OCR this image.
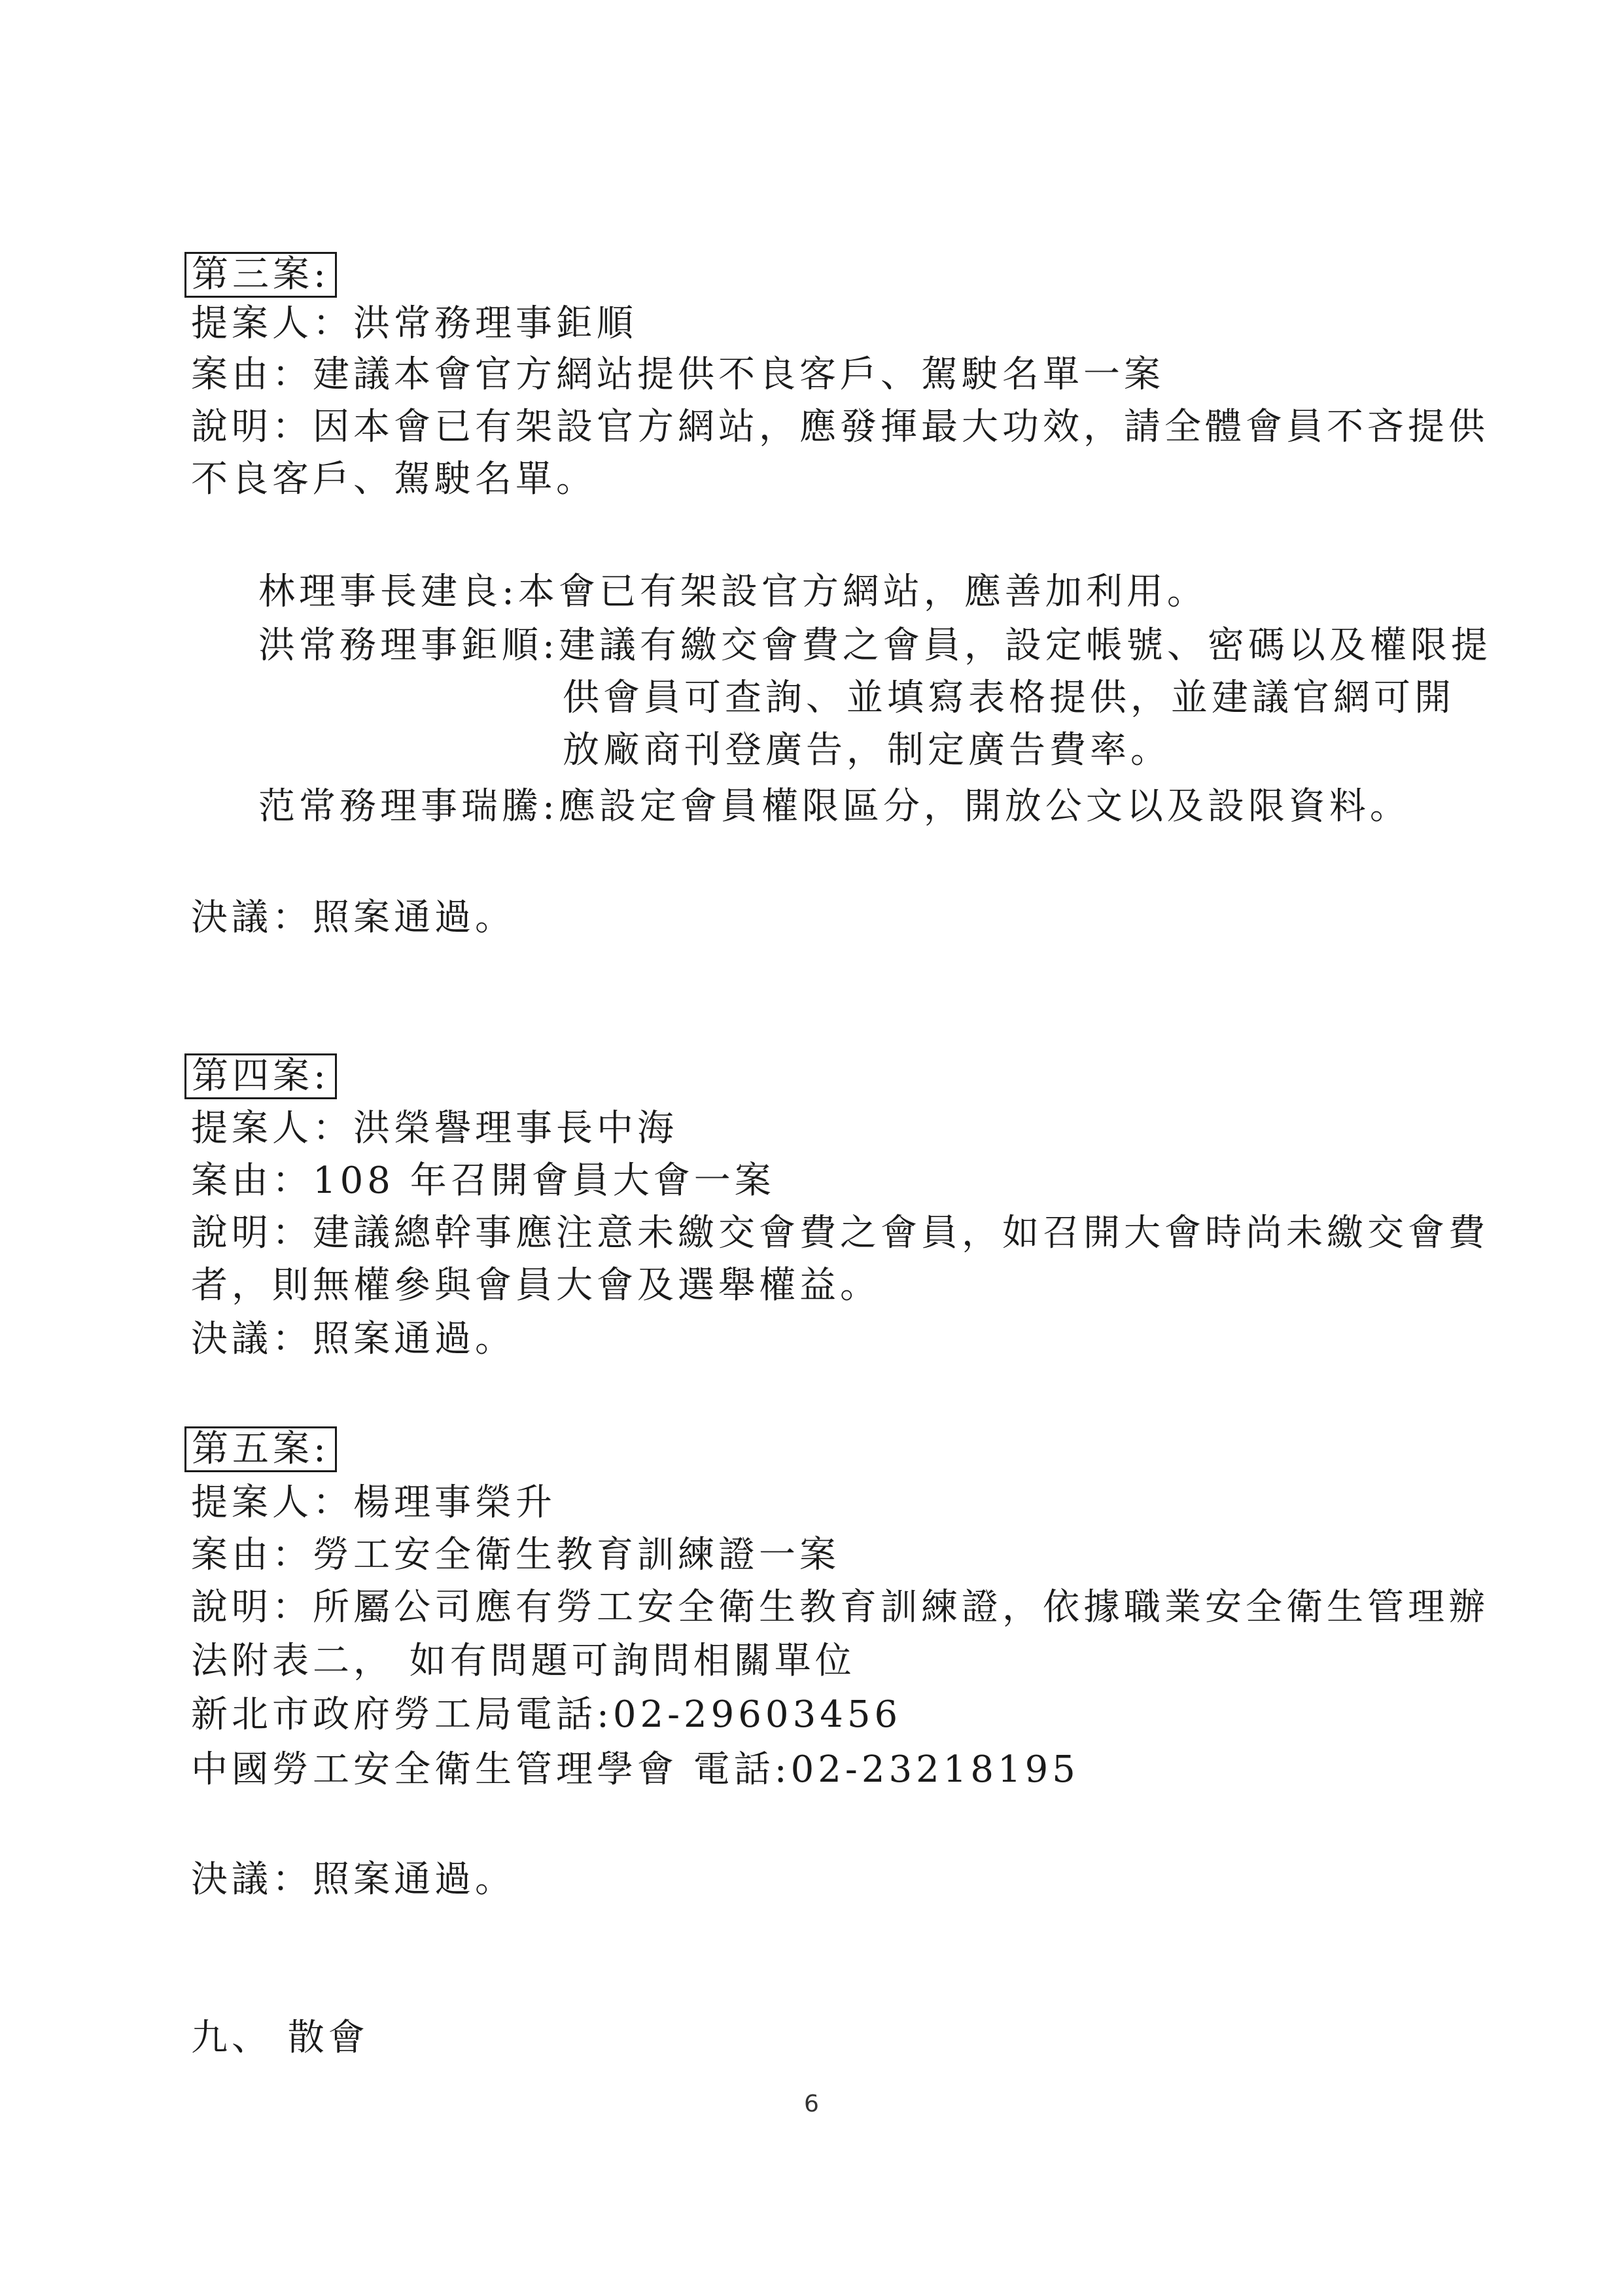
第三案:
提案人：洪常務理事鉅順
案由：建議本會官方網站提供不良客戶、駕駛名單一案
說明：因本會已有架設官方網站，應發揮最大功效，請全體會員不吝提供
不良客戶、駕駛名單。
林理事長建良:本會已有架設官方網站，應善加利用。
洪常務理事鉅順:建議有繳交會費之會員，設定帳號、密碼以及權限提
供會員可查詢、並填寫表格提供，並建議官網可開
放廠商刊登廣告，制定廣告費率。
范常務理事瑞騰:應設定會員權限區分，開放公文以及設限資料。
決議：照案通過。
第四案:
提案人：洪榮譽理事長中海
案由：108 年召開會員大會一案
說明：建議總幹事應注意未繳交會費之會員，如召開大會時尚未繳交會費
者，則無權參與會員大會及選舉權益。
決議：照案通過。
第五案:
提案人：楊理事榮升
案由：勞工安全衛生教育訓練證一案
說明：所屬公司應有勞工安全衛生教育訓練證，依據職業安全衛生管理辦
法附表二， 如有問題可詢問相關單位
新北市政府勞工局電話:02-29603456
中國勞工安全衛生管理學會 電話:02-23218195
決議：照案通過。
九、 散會
6
